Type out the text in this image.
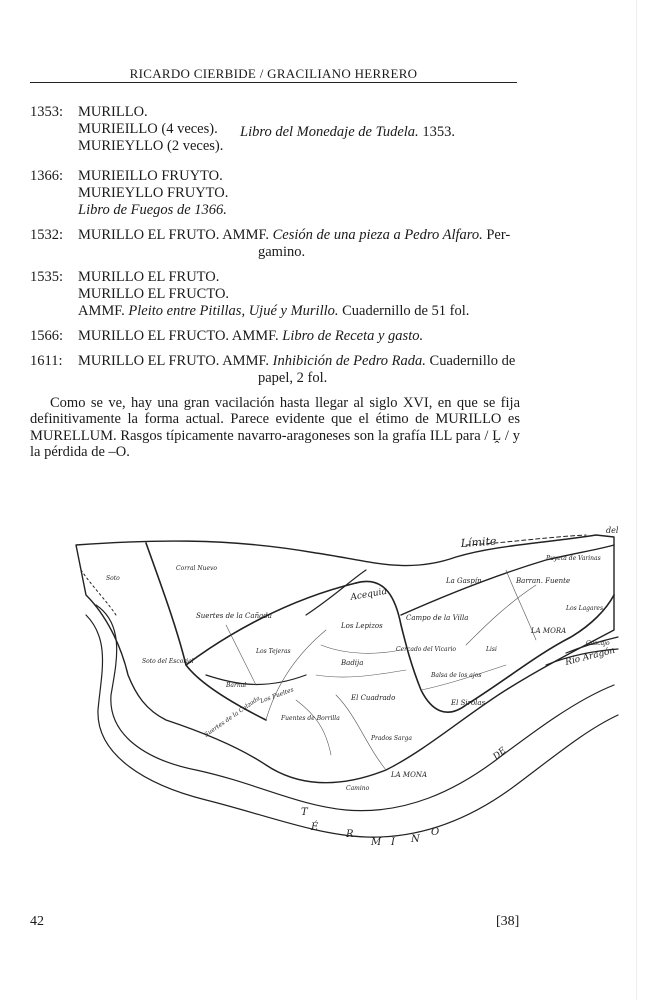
RICARDO CIERBIDE / GRACILIANO HERRERO
1353:	MURILLO.
MURIEILLO (4 veces).
MURIEYLLO (2 veces).
Libro del Monedaje de Tudela. 1353.
1366:	MURIEILLO FRUYTO.
MURIEYLLO FRUYTO.
Libro de Fuegos de 1366.
1532:	MURILLO EL FRUTO. AMMF. Cesión de una pieza a Pedro Alfaro. Per-
gamino.
1535:	MURILLO EL FRUTO.
MURILLO EL FRUCTO.
AMMF. Pleito entre Pitillas, Ujué y Murillo. Cuadernillo de 51 fol.
1566:	MURILLO EL FRUCTO. AMMF. Libro de Receta y gasto.
1611:	MURILLO EL FRUTO. AMMF. Inhibición de Pedro Rada. Cuadernillo de
papel, 2 fol.

Como se ve, hay una gran vacilación hasta llegar al siglo XVI, en que se fija definitivamente la forma actual. Parece evidente que el étimo de MURILLO es MURELLUM. Rasgos típicamente navarro-aragoneses son la grafía ILL para / Ḽ / y la pérdida de –O.

Límite
del
Acequia
Campo de la Villa
La Gaspín	Barran. Fuente
Puyeta de Varinas
Los Lagares
LA MORA
Cascajo
Río Aragón
Suertes de la Cañada
Los Lepizos
Los Tejeras
Badija
Cercado del Vicario	Lisi
Balsa de los ajos
El Sirolas
El Cuadrado
Soto del Escorial
Barnal
Los Fueltes
Suertes de la Calzada	Fuentes de Borrilla
Prados Sarga
LA MONA
Camino
Corral Nuevo
Soto
T
É
R
M I N
O
DE
42	[38]
